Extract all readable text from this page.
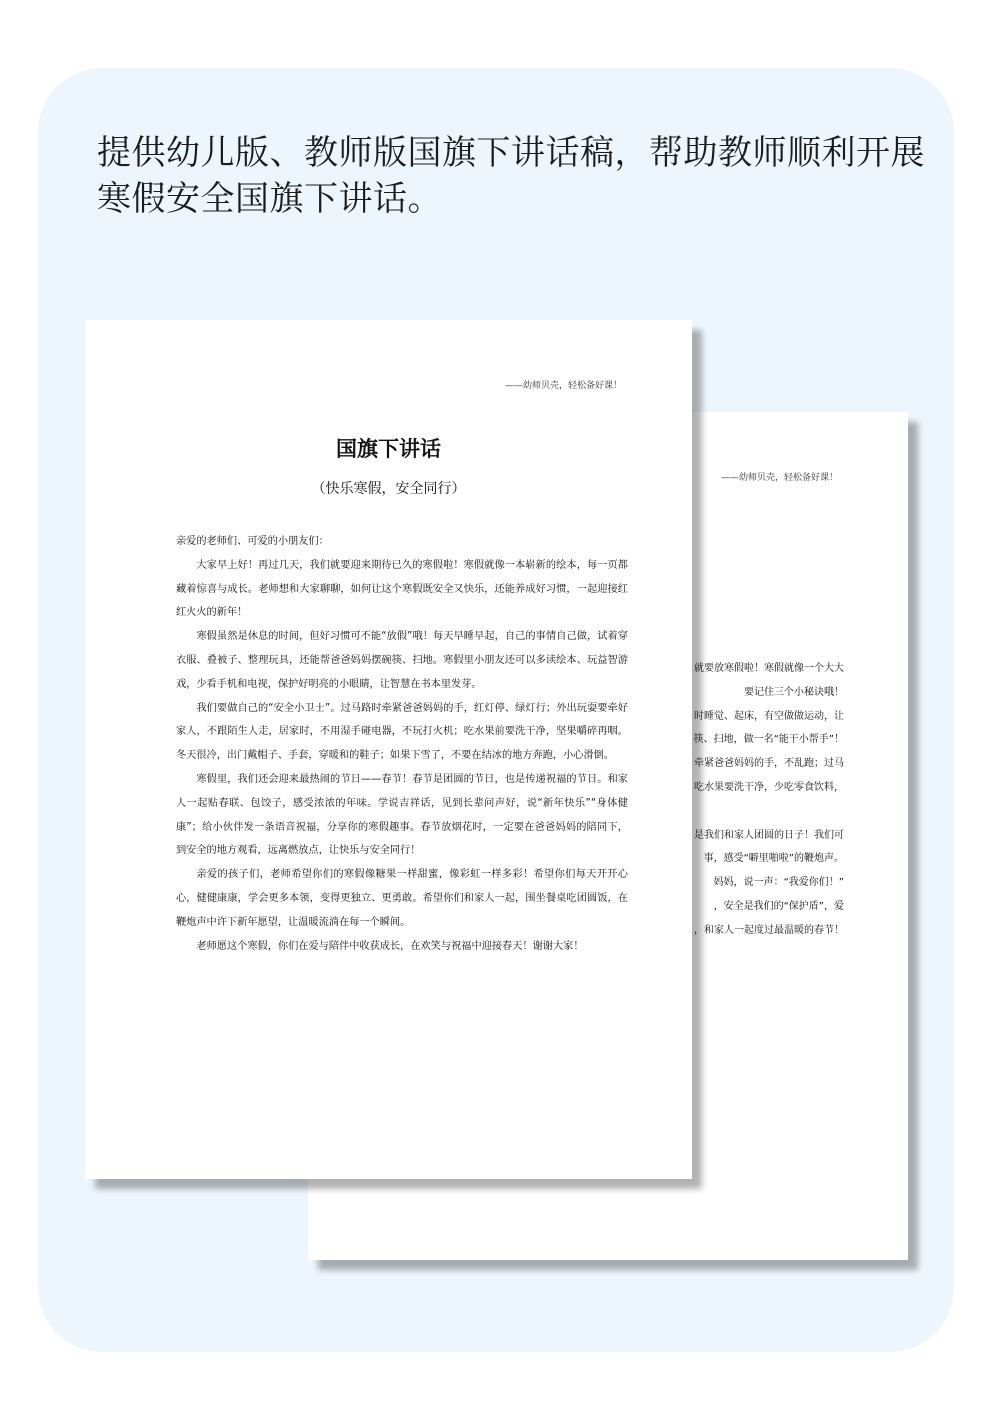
提供幼儿版、教师版国旗下讲话稿，帮助教师顺利开展
寒假安全国旗下讲话。
——幼师贝壳，轻松备好课！
就要放寒假啦！寒假就像一个大大
要记住三个小秘诀哦！
时睡觉、起床，有空做做运动，让
筷、扫地，做一名“能干小帮手”！
牵紧爸爸妈妈的手，不乱跑；过马
吃水果要洗干净，少吃零食饮料，
是我们和家人团圆的日子！我们可
事，感受“噼里啪啦”的鞭炮声。
妈妈，说一声：“我爱你们！”
，安全是我们的“保护盾”，爱
，和家人一起度过最温暖的春节！
——幼师贝壳，轻松备好课！
国旗下讲话
（快乐寒假，安全同行）

亲爱的老师们、可爱的小朋友们：

大家早上好！再过几天，我们就要迎来期待已久的寒假啦！寒假就像一本崭新的绘本，每一页都藏着惊喜与成长。老师想和大家聊聊，如何让这个寒假既安全又快乐，还能养成好习惯，一起迎接红红火火的新年！

寒假虽然是休息的时间，但好习惯可不能“放假”哦！每天早睡早起，自己的事情自己做，试着穿衣服、叠被子、整理玩具，还能帮爸爸妈妈摆碗筷、扫地。寒假里小朋友还可以多读绘本、玩益智游戏，少看手机和电视，保护好明亮的小眼睛，让智慧在书本里发芽。

我们要做自己的“安全小卫士”。过马路时牵紧爸爸妈妈的手，红灯停、绿灯行；外出玩耍要牵好家人，不跟陌生人走，居家时，不用湿手碰电器，不玩打火机；吃水果前要洗干净，坚果嚼碎再咽。冬天很冷，出门戴帽子、手套，穿暖和的鞋子；如果下雪了，不要在结冰的地方奔跑，小心滑倒。

寒假里，我们还会迎来最热闹的节日——春节！春节是团圆的节日，也是传递祝福的节日。和家人一起贴春联、包饺子，感受浓浓的年味。学说吉祥话，见到长辈问声好，说“新年快乐”“身体健康”；给小伙伴发一条语音祝福，分享你的寒假趣事。春节放烟花时，一定要在爸爸妈妈的陪同下，到安全的地方观看，远离燃放点，让快乐与安全同行！

亲爱的孩子们，老师希望你们的寒假像糖果一样甜蜜，像彩虹一样多彩！希望你们每天开开心心，健健康康，学会更多本领，变得更独立、更勇敢。希望你们和家人一起，围坐餐桌吃团圆饭，在鞭炮声中许下新年愿望，让温暖流淌在每一个瞬间。

老师愿这个寒假，你们在爱与陪伴中收获成长，在欢笑与祝福中迎接春天！谢谢大家！
